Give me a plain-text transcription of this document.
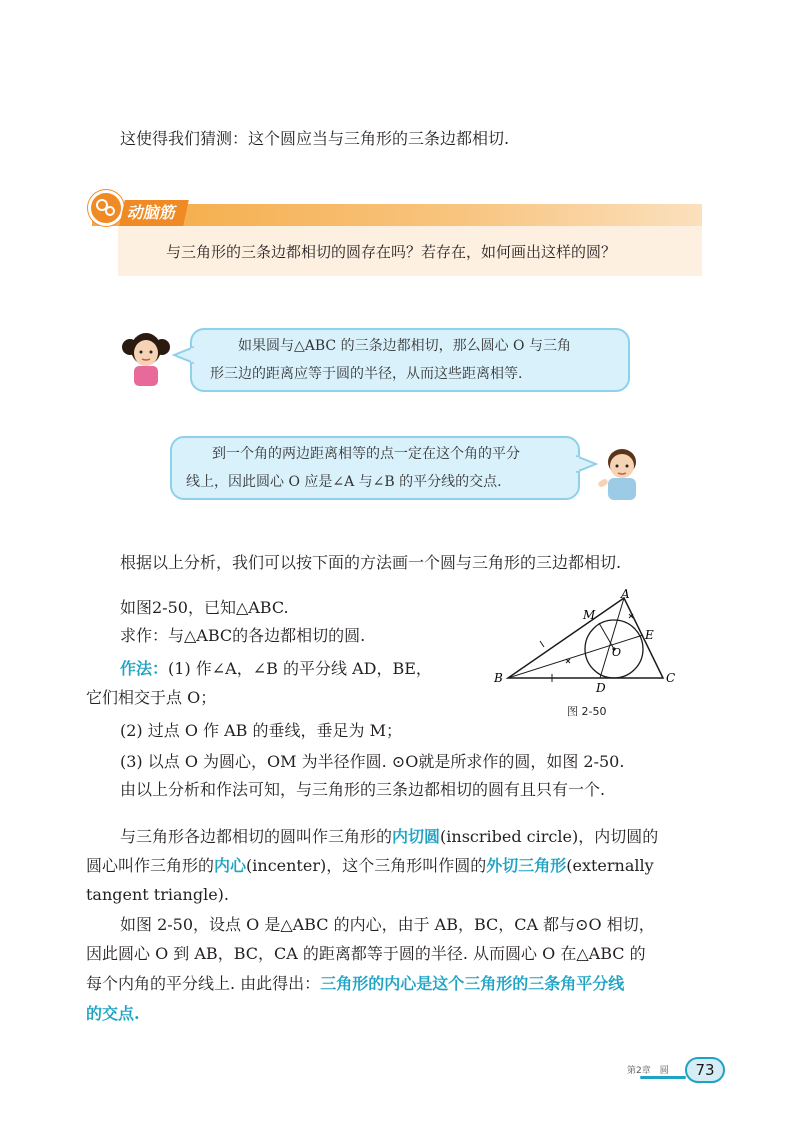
这使得我们猜测：这个圆应当与三角形的三条边都相切.
动脑筋
与三角形的三条边都相切的圆存在吗？若存在，如何画出这样的圆？
如果圆与△ABC 的三条边都相切，那么圆心 O 与三角
形三边的距离应等于圆的半径，从而这些距离相等.
到一个角的两边距离相等的点一定在这个角的平分
线上，因此圆心 O 应是∠A 与∠B 的平分线的交点.
根据以上分析，我们可以按下面的方法画一个圆与三角形的三边都相切.
如图2-50，已知△ABC.
求作：与△ABC的各边都相切的圆.
作法：(1) 作∠A，∠B 的平分线 AD，BE，
它们相交于点 O；
(2) 过点 O 作 AB 的垂线，垂足为 M；
(3) 以点 O 为圆心，OM 为半径作圆. ⊙O就是所求作的圆，如图 2-50.
由以上分析和作法可知，与三角形的三条边都相切的圆有且只有一个.
A
B	C
D
E
M
O
图 2-50
与三角形各边都相切的圆叫作三角形的内切圆(inscribed circle)，内切圆的
圆心叫作三角形的内心(incenter)，这个三角形叫作圆的外切三角形(externally
tangent triangle).
如图 2-50，设点 O 是△ABC 的内心，由于 AB，BC，CA 都与⊙O 相切，
因此圆心 O 到 AB，BC，CA 的距离都等于圆的半径. 从而圆心 O 在△ABC 的
每个内角的平分线上. 由此得出：三角形的内心是这个三角形的三条角平分线
的交点.
第2章　圆	73
